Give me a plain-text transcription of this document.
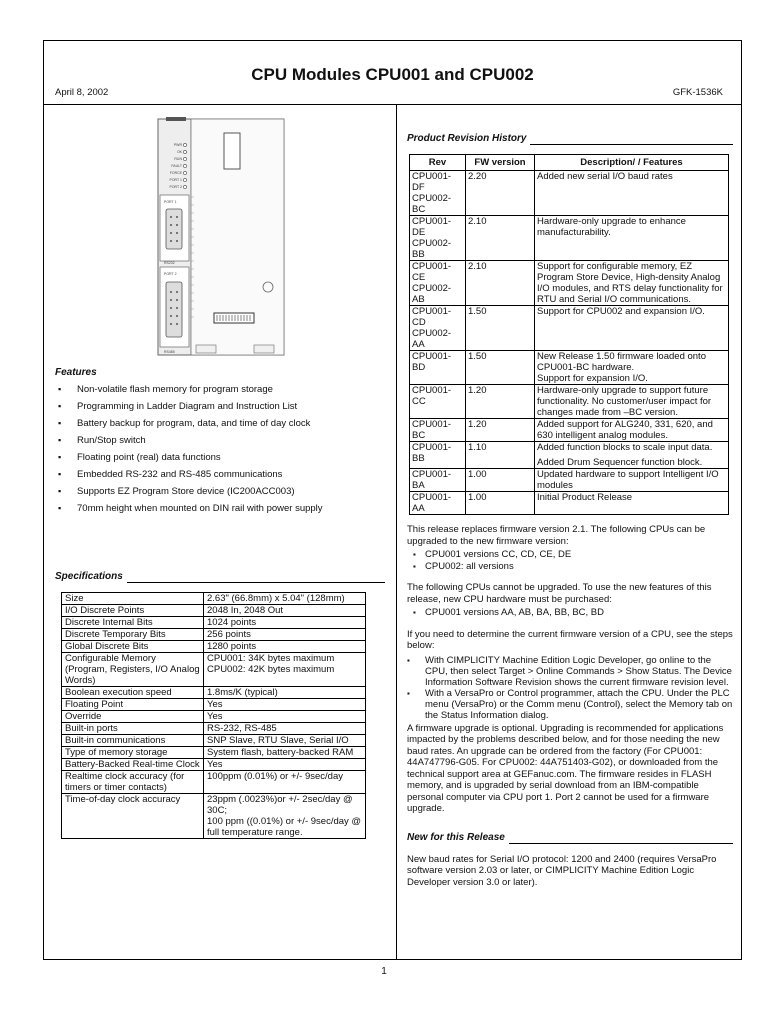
CPU Modules CPU001 and CPU002
April 8, 2002	GFK-1536K
PWR
OK
RUN
FAULT
FORCE
PORT 1
PORT 2
PORT 1
RS232
PORT 2
RS485
Features
▪ Non-volatile flash memory for program storage
▪ Programming in Ladder Diagram and Instruction List
▪ Battery backup for program, data, and time of day clock
▪ Run/Stop switch
▪ Floating point (real) data functions
▪ Embedded RS-232 and RS-485 communications
▪ Supports EZ Program Store device (IC200ACC003)
▪ 70mm height when mounted on DIN rail with power supply
Specifications
Size	2.63" (66.8mm) x 5.04" (128mm)
I/O Discrete Points	2048 In, 2048 Out
Discrete Internal Bits	1024 points
Discrete Temporary Bits	256 points
Global Discrete Bits	1280 points
Configurable Memory (Program, Registers, I/O Analog Words)	CPU001: 34K bytes maximum
CPU002: 42K bytes maximum
Boolean execution speed	1.8ms/K (typical)
Floating Point	Yes
Override	Yes
Built-in ports	RS-232, RS-485
Built-in communications	SNP Slave, RTU Slave, Serial I/O
Type of memory storage	System flash, battery-backed RAM
Battery-Backed Real-time Clock	Yes
Realtime clock accuracy (for timers or timer contacts)	100ppm (0.01%) or +/- 9sec/day
Time-of-day clock accuracy	23ppm (.0023%)or +/- 2sec/day @ 30C;
100 ppm ((0.01%) or +/- 9sec/day @ full temperature range.
Product Revision History
Rev	FW version	Description/ / Features
CPU001-DF
CPU002-BC	2.20	Added new serial I/O baud rates

CPU001-DE
CPU002-BB	2.10	Hardware-only upgrade to enhance manufacturability.

CPU001-CE
CPU002-AB	2.10	Support for configurable memory, EZ Program Store Device, High-density Analog I/O modules, and RTS delay functionality for RTU and Serial I/O communications.

CPU001-CD
CPU002-AA	1.50	Support for CPU002 and expansion I/O.

CPU001-BD	1.50	New Release 1.50 firmware loaded onto CPU001-BC hardware.
Support for expansion I/O.

CPU001-CC	1.20	Hardware-only upgrade to support future functionality. No customer/user impact for changes made from –BC version.

CPU001-BC	1.20	Added support for ALG240, 331, 620, and 630 intelligent analog modules.

CPU001-BB	1.10	Added function blocks to scale input data.
Added Drum Sequencer function block.

CPU001-BA	1.00	Updated hardware to support Intelligent I/O modules

CPU001-AA	1.00	Initial Product Release
This release replaces firmware version 2.1. The following CPUs can be upgraded to the new firmware version:
▪ CPU001 versions CC, CD, CE, DE
▪ CPU002: all versions
The following CPUs cannot be upgraded. To use the new features of this release, new CPU hardware must be purchased:
▪ CPU001 versions AA, AB, BA, BB, BC, BD
If you need to determine the current firmware version of a CPU, see the steps below:
▪ With CIMPLICITY Machine Edition Logic Developer, go online to the CPU, then select Target > Online Commands > Show Status. The Device Information Software Revision shows the current firmware revision level.
▪ With a VersaPro or Control programmer, attach the CPU. Under the PLC menu (VersaPro) or the Comm menu (Control), select the Memory tab on the Status Information dialog.
A firmware upgrade is optional. Upgrading is recommended for applications impacted by the problems described below, and for those needing the new baud rates. An upgrade can be ordered from the factory (For CPU001: 44A747796-G05. For CPU002: 44A751403-G02), or downloaded from the technical support area at GEFanuc.com. The firmware resides in FLASH memory, and is upgraded by serial download from an IBM-compatible personal computer via CPU port 1. Port 2 cannot be used for a firmware upgrade.
New for this Release
New baud rates for Serial I/O protocol: 1200 and 2400 (requires VersaPro software version 2.03 or later, or CIMPLICITY Machine Edition Logic Developer version 3.0 or later).
1
